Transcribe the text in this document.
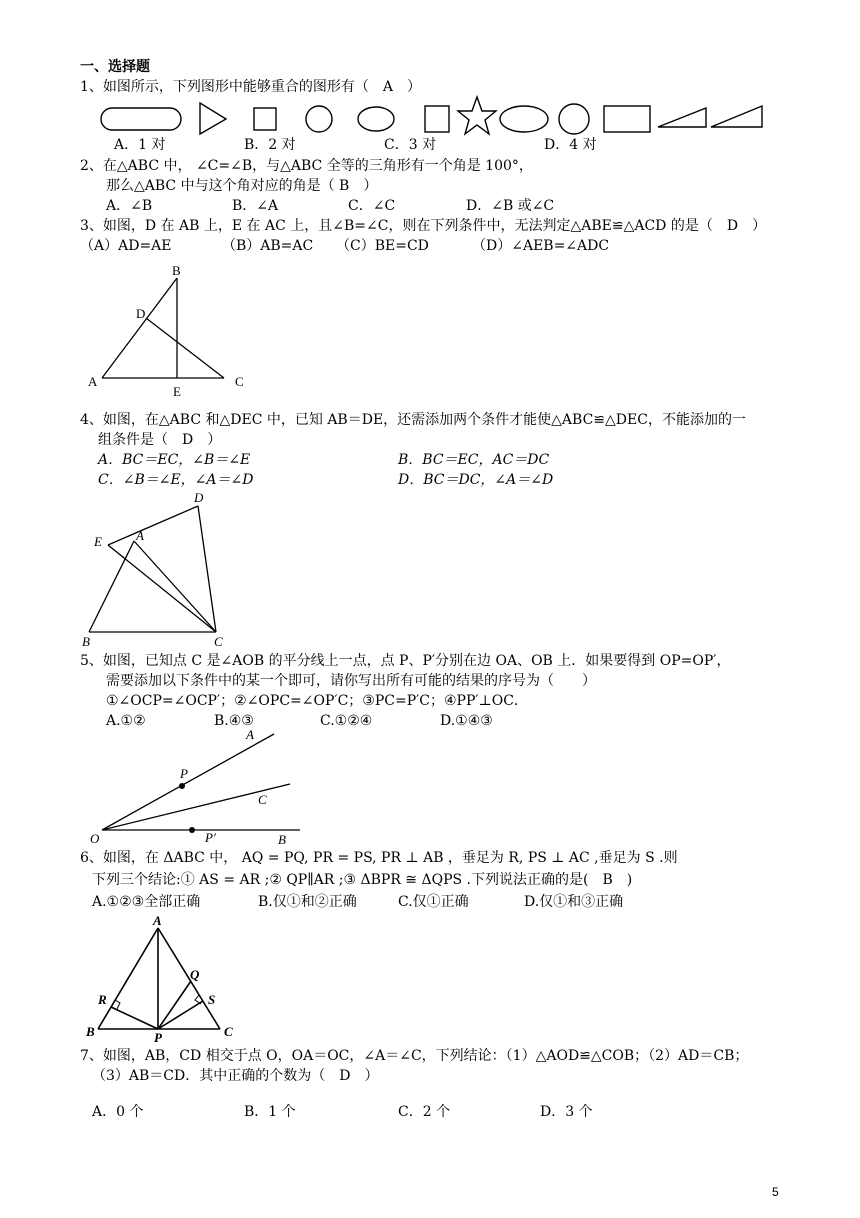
一、选择题
1、如图所示，下列图形中能够重合的图形有（　A　）
A．1 对	B．2 对	C．3 对	D．4 对
2、在△ABC 中， ∠C=∠B，与△ABC 全等的三角形有一个角是 100°，
那么△ABC 中与这个角对应的角是（ B　）
A．∠B	B．∠A	C．∠C	D．∠B 或∠C
3、如图，D 在 AB 上，E 在 AC 上，且∠B=∠C，则在下列条件中，无法判定△ABE≌△ACD 的是（　D　）
（A）AD=AE	（B）AB=AC （C）BE=CD	（D）∠AEB=∠ADC
B
D
A
E
C
4、如图，在△ABC 和△DEC 中，已知 AB＝DE，还需添加两个条件才能使△ABC≌△DEC，不能添加的一
组条件是（　D　）
A．BC＝EC，∠B＝∠E	B．BC＝EC，AC＝DC
C．∠B＝∠E，∠A＝∠D	D．BC＝DC，∠A＝∠D
D
E	A
B	C
5、如图，已知点 C 是∠AOB 的平分线上一点，点 P、P′分别在边 OA、OB 上．如果要得到 OP=OP′，
需要添加以下条件中的某一个即可，请你写出所有可能的结果的序号为（　　）
①∠OCP=∠OCP′；②∠OPC=∠OP′C；③PC=P′C；④PP′⊥OC．
A.①②	B.④③	C.①②④	D.①④③
O
A
C
B
P
P′
6、如图，在 ΔABC 中， AQ = PQ, PR = PS, PR ⊥ AB ，垂足为 R, PS ⊥ AC ,垂足为 S .则
下列三个结论:① AS = AR ;② QP∥AR ;③ ΔBPR ≅ ΔQPS .下列说法正确的是(　B　)
A.①②③全部正确	B.仅①和②正确	C.仅①正确	D.仅①和③正确
A
B	C
P
Q
R	S
7、如图，AB，CD 相交于点 O，OA＝OC，∠A＝∠C，下列结论：（1）△AOD≌△COB；（2）AD＝CB；
（3）AB＝CD．其中正确的个数为（　D　）
A．0 个	B．1 个	C．2 个	D．3 个
5
